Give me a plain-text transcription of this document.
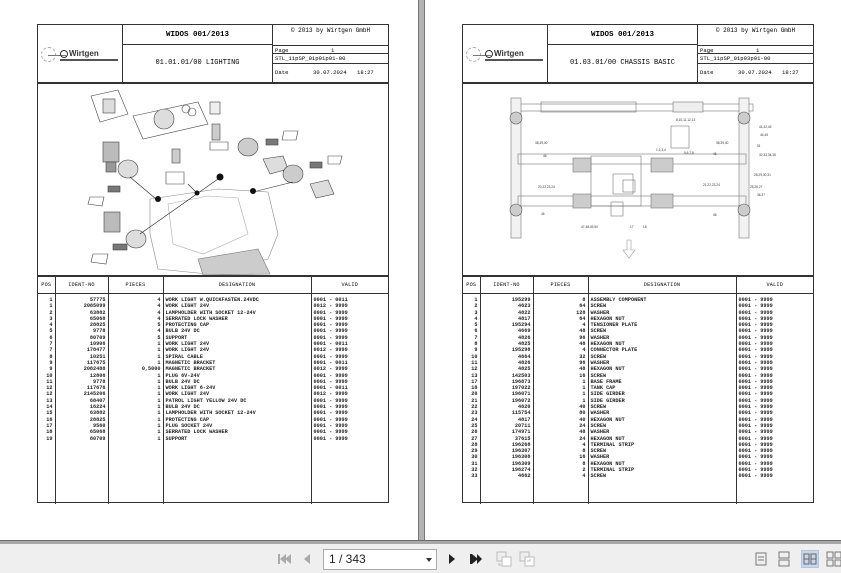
Wirtgen
WIDOS 001/2013
© 2013 by Wirtgen GmbH
01.01.01/00 LIGHTING
Page	1
STL_11pSP_01p01p01-00
Date	30.07.2024 18:27
POS	IDENT-NO	PIECES	DESIGNATION	VALID
1	57775	4	WORK LIGHT W.QUICKFASTEN.24VDC	0001 - 0011
1	2085099	4	WORK LIGHT 24V	0012 - 9999
2	63882	4	LAMPHOLDER WITH SOCKET 12-24V	0001 - 9999
3	65068	4	SERRATED LOCK WASHER	0001 - 9999
4	28825	5	PROTECTING CAP	0001 - 9999
5	9778	4	BULB 24V DC	0001 - 9999
6	80709	5	SUPPORT	0001 - 9999
7	10906	1	WORK LIGHT 24V	0001 - 0011
7	178477	1	WORK LIGHT 24V	0012 - 9999
8	10251	1	SPIRAL CABLE	0001 - 9999
9	117675	1	MAGNETIC BRACKET	0001 - 0011
9	2082488	0,5000	MAGNETIC BRACKET	0012 - 9999
10	12806	1	PLUG 6V-24V	0001 - 9999
11	9778	1	BULB 24V DC	0001 - 9999
12	117676	1	WORK LIGHT 6-24V	0001 - 0011
12	2145206	1	WORK LIGHT 24V	0012 - 9999
13	68407	1	PATROL LIGHT YELLOW 24V DC	0001 - 9999
14	16224	1	BULB 24V DC	0001 - 9999
15	63882	1	LAMPHOLDER WITH SOCKET 12-24V	0001 - 9999
16	28825	1	PROTECTING CAP	0001 - 9999
17	9560	1	PLUG SOCKET 24V	0001 - 9999
18	65068	1	SERRATED LOCK WASHER	0001 - 9999
19	80709	1	SUPPORT	0001 - 9999

Wirtgen
WIDOS 001/2013
© 2013 by Wirtgen GmbH
01.03.01/00 CHASSIS BASIC
Page	1
STL_11pSP_01p03p01-00
Date	30.07.2024 18:27
8,10,11,12,13
41,42,43
44,45
38,39,40	38,39,40
51
1,2,3,4
5,6,7,8
46	46	32,33,34,35
28,29,30,31
20,22,23,24	21,22,23,24	25,26,27
36,37
46	46
47,48,49,50	17	18
POS	IDENT-NO	PIECES	DESIGNATION	VALID
1	195299	8	ASSEMBLY COMPONENT	0001 - 9999
2	4623	64	SCREW	0001 - 9999
3	4822	128	WASHER	0001 - 9999
4	4817	64	HEXAGON NUT	0001 - 9999
5	195294	4	TENSIONER PLATE	0001 - 9999
6	4669	48	SCREW	0001 - 9999
7	4826	96	WASHER	0001 - 9999
8	4825	48	HEXAGON NUT	0001 - 9999
9	195298	4	CONNECTOR PLATE	0001 - 9999
10	4664	32	SCREW	0001 - 9999
11	4826	96	WASHER	0001 - 9999
12	4825	48	HEXAGON NUT	0001 - 9999
13	142503	16	SCREW	0001 - 9999
17	196873	1	BASE FRAME	0001 - 9999
18	197022	1	TANK CAP	0001 - 9999
20	196071	1	SIDE GIRDER	0001 - 9999
21	196072	1	SIDE GIRDER	0001 - 9999
22	4620	40	SCREW	0001 - 9999
23	115754	80	WASHER	0001 - 9999
24	4817	40	HEXAGON NUT	0001 - 9999
25	20711	24	SCREW	0001 - 9999
26	174971	48	WASHER	0001 - 9999
27	37615	24	HEXAGON NUT	0001 - 9999
28	196268	4	TERMINAL STRIP	0001 - 9999
29	196307	8	SCREW	0001 - 9999
30	196308	16	WASHER	0001 - 9999
31	196309	8	HEXAGON NUT	0001 - 9999
32	196274	2	TERMINAL STRIP	0001 - 9999
33	4662	4	SCREW	0001 - 9999

1 / 343
